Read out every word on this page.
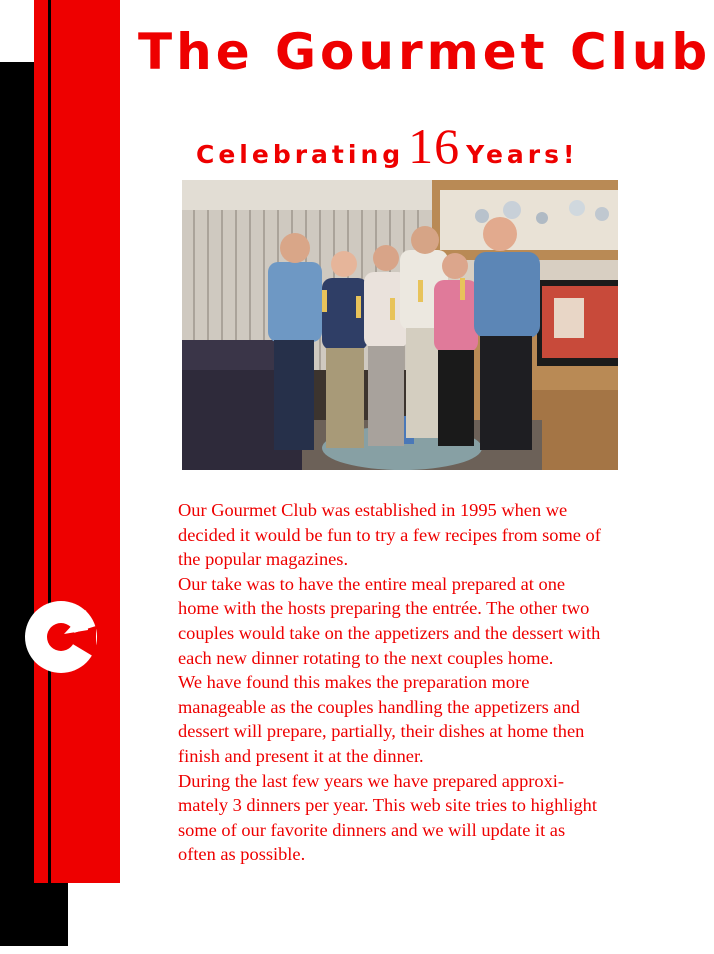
The Gourmet Club
Celebrating16 Years!

Our Gourmet Club was established in 1995 when we

decided it would be fun to try a few recipes from some of

the popular magazines.

Our take was to have the entire meal prepared at one

home with the hosts preparing the entrée. The other two

couples would take on the appetizers and the dessert with

each new dinner rotating to the next couples home.

We have found this makes the preparation more

manageable as the couples handling the appetizers and

dessert will prepare, partially, their dishes at home then

finish and present it at the dinner.

During the last few years we have prepared approxi-

mately 3 dinners per year. This web site tries to highlight

some of our favorite dinners and we will update it as

often as possible.
